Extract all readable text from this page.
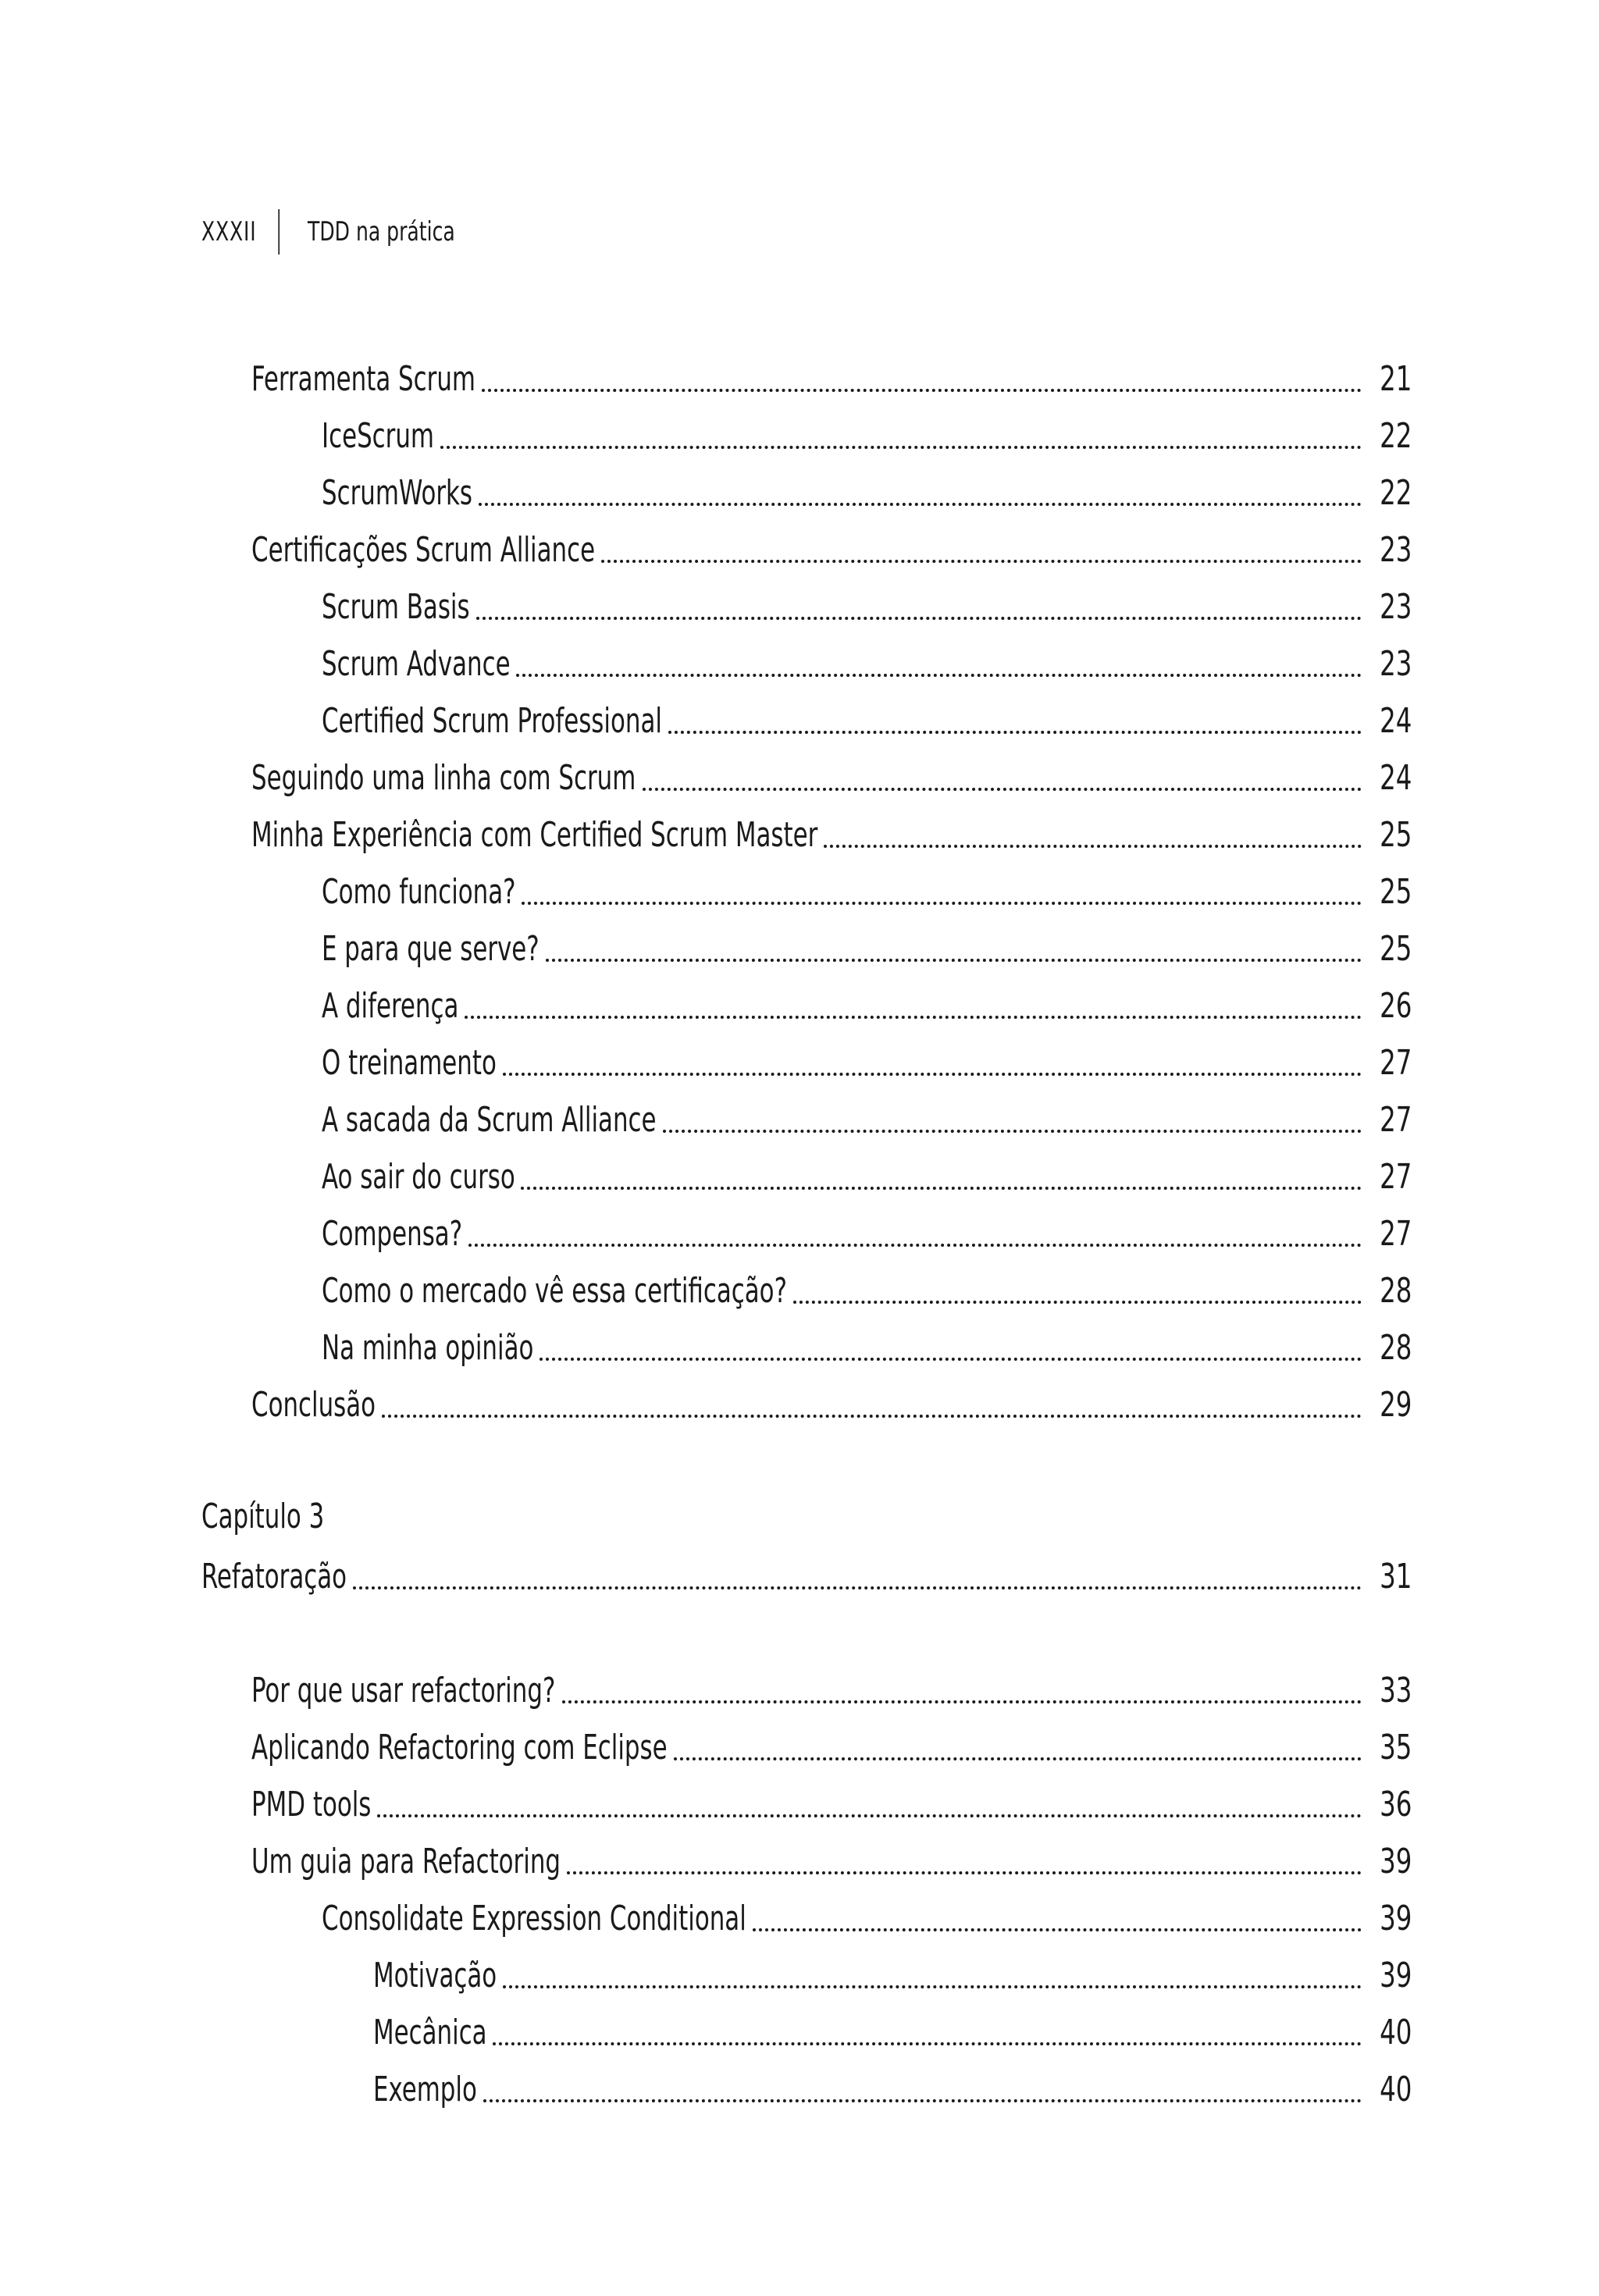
XXXII TDD na prática
Ferramenta Scrum	21
IceScrum	22
ScrumWorks	22
Certificações Scrum Alliance	23
Scrum Basis	23
Scrum Advance	23
Certified Scrum Professional	24
Seguindo uma linha com Scrum	24
Minha Experiência com Certified Scrum Master	25
Como funciona?	25
E para que serve?	25
A diferença	26
O treinamento	27
A sacada da Scrum Alliance	27
Ao sair do curso	27
Compensa?	27
Como o mercado vê essa certificação?	28
Na minha opinião	28
Conclusão	29
Capítulo 3
Refatoração	31
Por que usar refactoring?	33
Aplicando Refactoring com Eclipse	35
PMD tools	36
Um guia para Refactoring	39
Consolidate Expression Conditional	39
Motivação	39
Mecânica	40
Exemplo	40
